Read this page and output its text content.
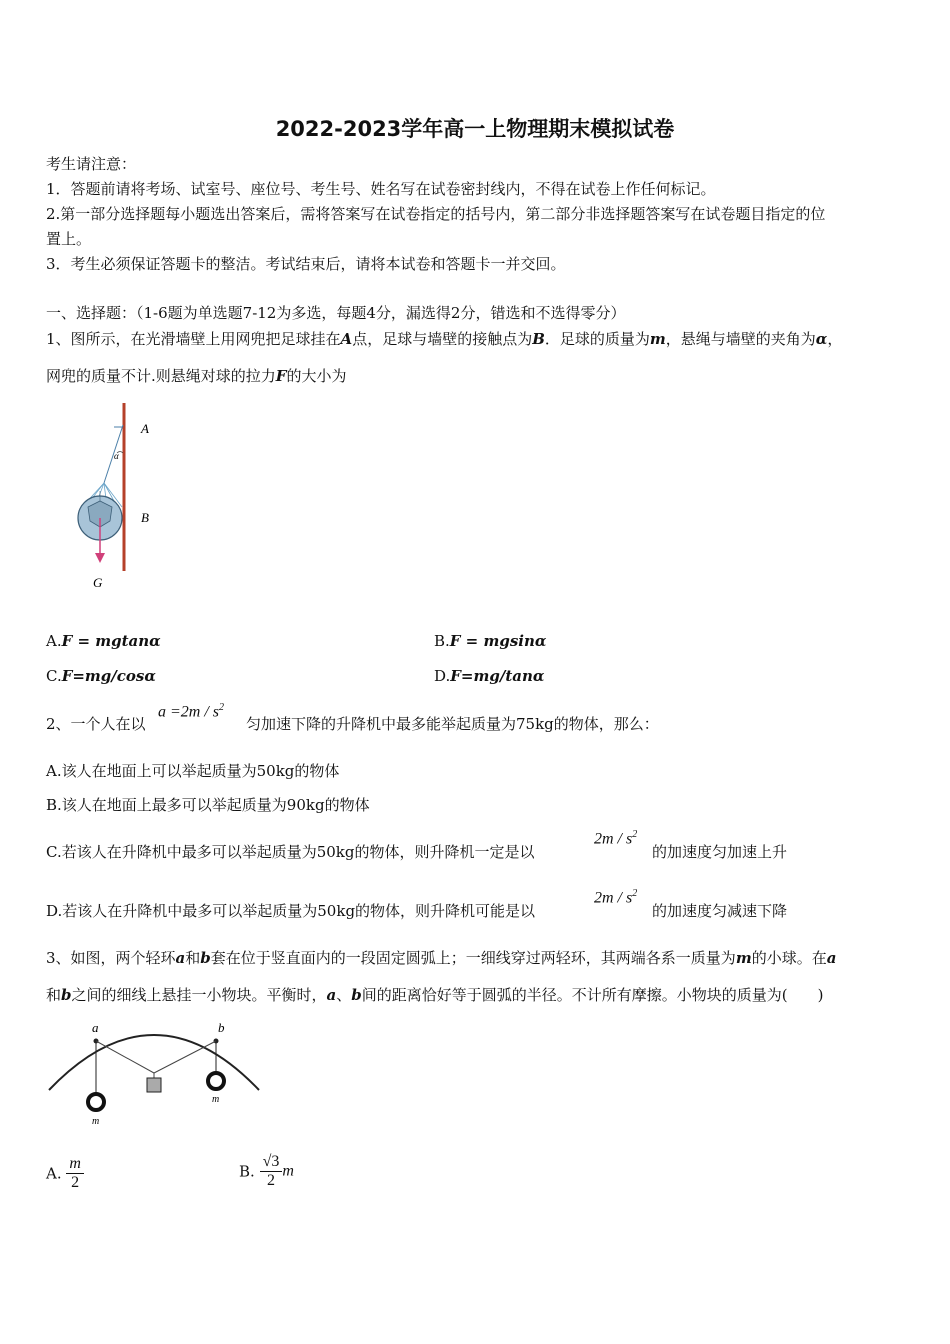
2022-2023学年高一上物理期末模拟试卷
考生请注意：
1．答题前请将考场、试室号、座位号、考生号、姓名写在试卷密封线内，不得在试卷上作任何标记。
2.第一部分选择题每小题选出答案后，需将答案写在试卷指定的括号内，第二部分非选择题答案写在试卷题目指定的位
置上。
3．考生必须保证答题卡的整洁。考试结束后，请将本试卷和答题卡一并交回。
一、选择题：（1-6题为单选题7-12为多选，每题4分，漏选得2分，错选和不选得零分）
1、图所示，在光滑墙壁上用网兜把足球挂在A点，足球与墙壁的接触点为B．足球的质量为m，悬绳与墙壁的夹角为α，
网兜的质量不计.则悬绳对球的拉力F的大小为
A
B
G
α
A.F = mgtanα	B.F = mgsinα
C.F=mg/cosα	D.F=mg/tanα
2、一个人在以
$a =2m / s^2$
匀加速下降的升降机中最多能举起质量为75kg的物体，那么：
A.该人在地面上可以举起质量为50kg的物体
B.该人在地面上最多可以举起质量为90kg的物体
C.若该人在升降机中最多可以举起质量为50kg的物体，则升降机一定是以
$2m / s^2$
的加速度匀加速上升
D.若该人在升降机中最多可以举起质量为50kg的物体，则升降机可能是以
$2m / s^2$
的加速度匀减速下降
3、如图，两个轻环a和b套在位于竖直面内的一段固定圆弧上；一细线穿过两轻环，其两端各系一质量为m的小球。在a
和b之间的细线上悬挂一小物块。平衡时，a、b间的距离恰好等于圆弧的半径。不计所有摩擦。小物块的质量为(　　)
a	b
m
m
A. $\frac{m}{2}$	B. $\frac{√3}{2}$ m
